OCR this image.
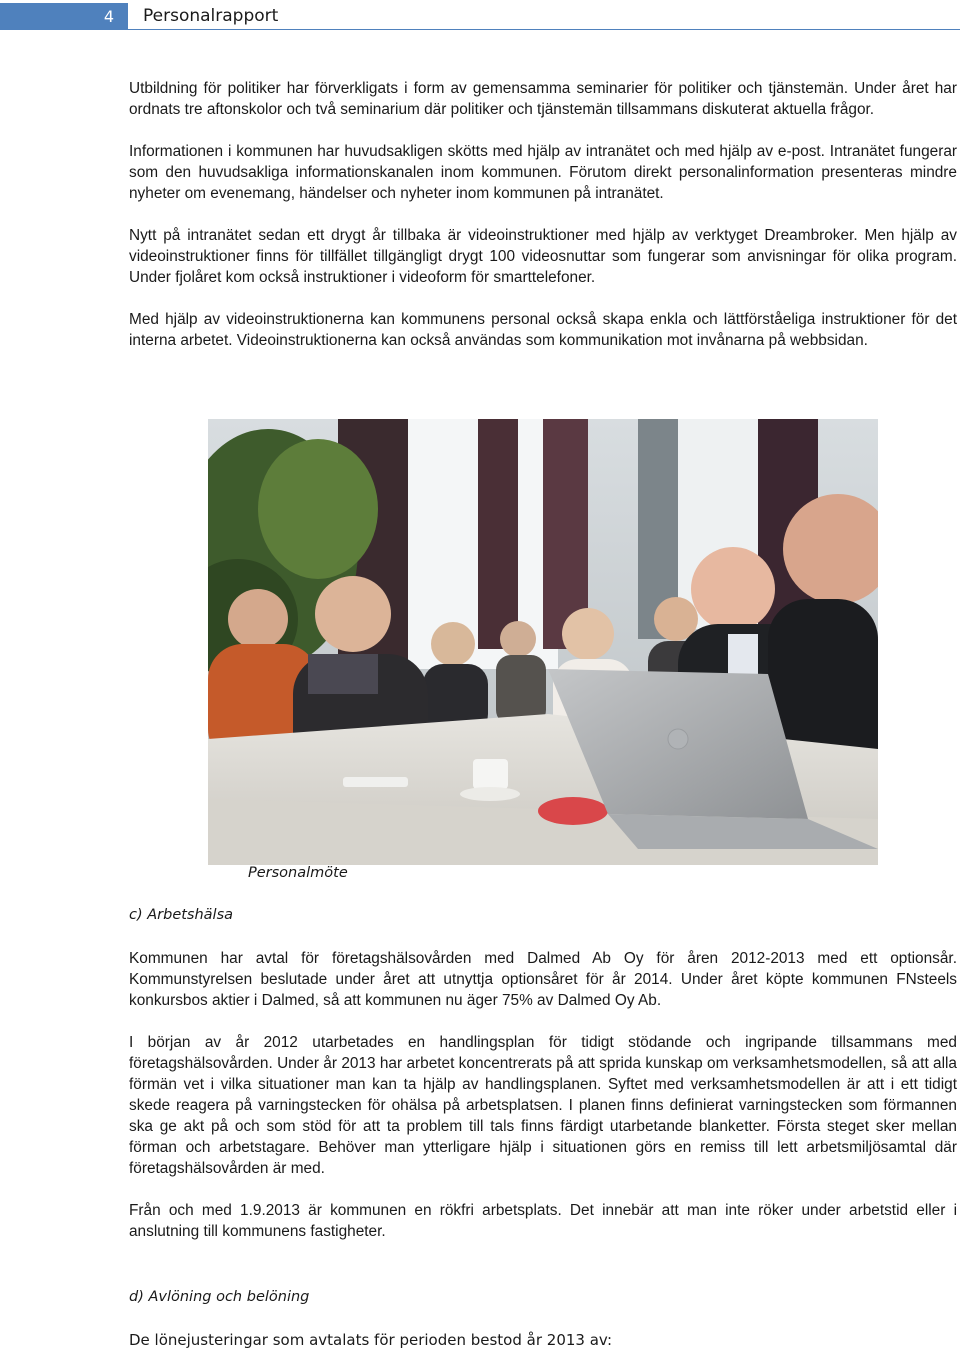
4	Personalrapport

Utbildning för politiker har förverkligats i form av gemensamma seminarier för politiker och tjänstemän. Under året har ordnats tre aftonskolor och två seminarium där politiker och tjänstemän tillsammans diskuterat aktuella frågor.

Informationen i kommunen har huvudsakligen skötts med hjälp av intranätet och med hjälp av e-post. Intranätet fungerar som den huvudsakliga informationskanalen inom kommunen. Förutom direkt personalinformation presenteras mindre nyheter om evenemang, händelser och nyheter inom kommunen på intranätet.

Nytt på intranätet sedan ett drygt år tillbaka är videoinstruktioner med hjälp av verktyget Dreambroker. Men hjälp av videoinstruktioner finns för tillfället tillgängligt drygt 100 videosnuttar som fungerar som anvisningar för olika program. Under fjolåret kom också instruktioner i videoform för smarttelefoner.

Med hjälp av videoinstruktionerna kan kommunens personal också skapa enkla och lättförståeliga instruktioner för det interna arbetet. Videoinstruktionerna kan också användas som kommunikation mot invånarna på webbsidan.

Personalmöte
c) Arbetshälsa

Kommunen har avtal för företagshälsovården med Dalmed Ab Oy för åren 2012-2013 med ett optionsår. Kommunstyrelsen beslutade under året att utnyttja optionsåret för år 2014. Under året köpte kommunen FNsteels konkursbos aktier i Dalmed, så att kommunen nu äger 75% av Dalmed Oy Ab.

I början av år 2012 utarbetades en handlingsplan för tidigt stödande och ingripande tillsammans med företagshälsovården. Under år 2013 har arbetet koncentrerats på att sprida kunskap om verksamhetsmodellen, så att alla förmän vet i vilka situationer man kan ta hjälp av handlingsplanen. Syftet med verksamhetsmodellen är att i ett tidigt skede reagera på varningstecken för ohälsa på arbetsplatsen. I planen finns definierat varningstecken som förmannen ska ge akt på och som stöd för att ta problem till tals finns färdigt utarbetande blanketter. Första steget sker mellan förman och arbetstagare. Behöver man ytterligare hjälp i situationen görs en remiss till lett arbetsmiljösamtal där företagshälsovården är med.

Från och med 1.9.2013 är kommunen en rökfri arbetsplats. Det innebär att man inte röker under arbetstid eller i anslutning till kommunens fastigheter.

d) Avlöning och belöning
De lönejusteringar som avtalats för perioden bestod år 2013 av:
